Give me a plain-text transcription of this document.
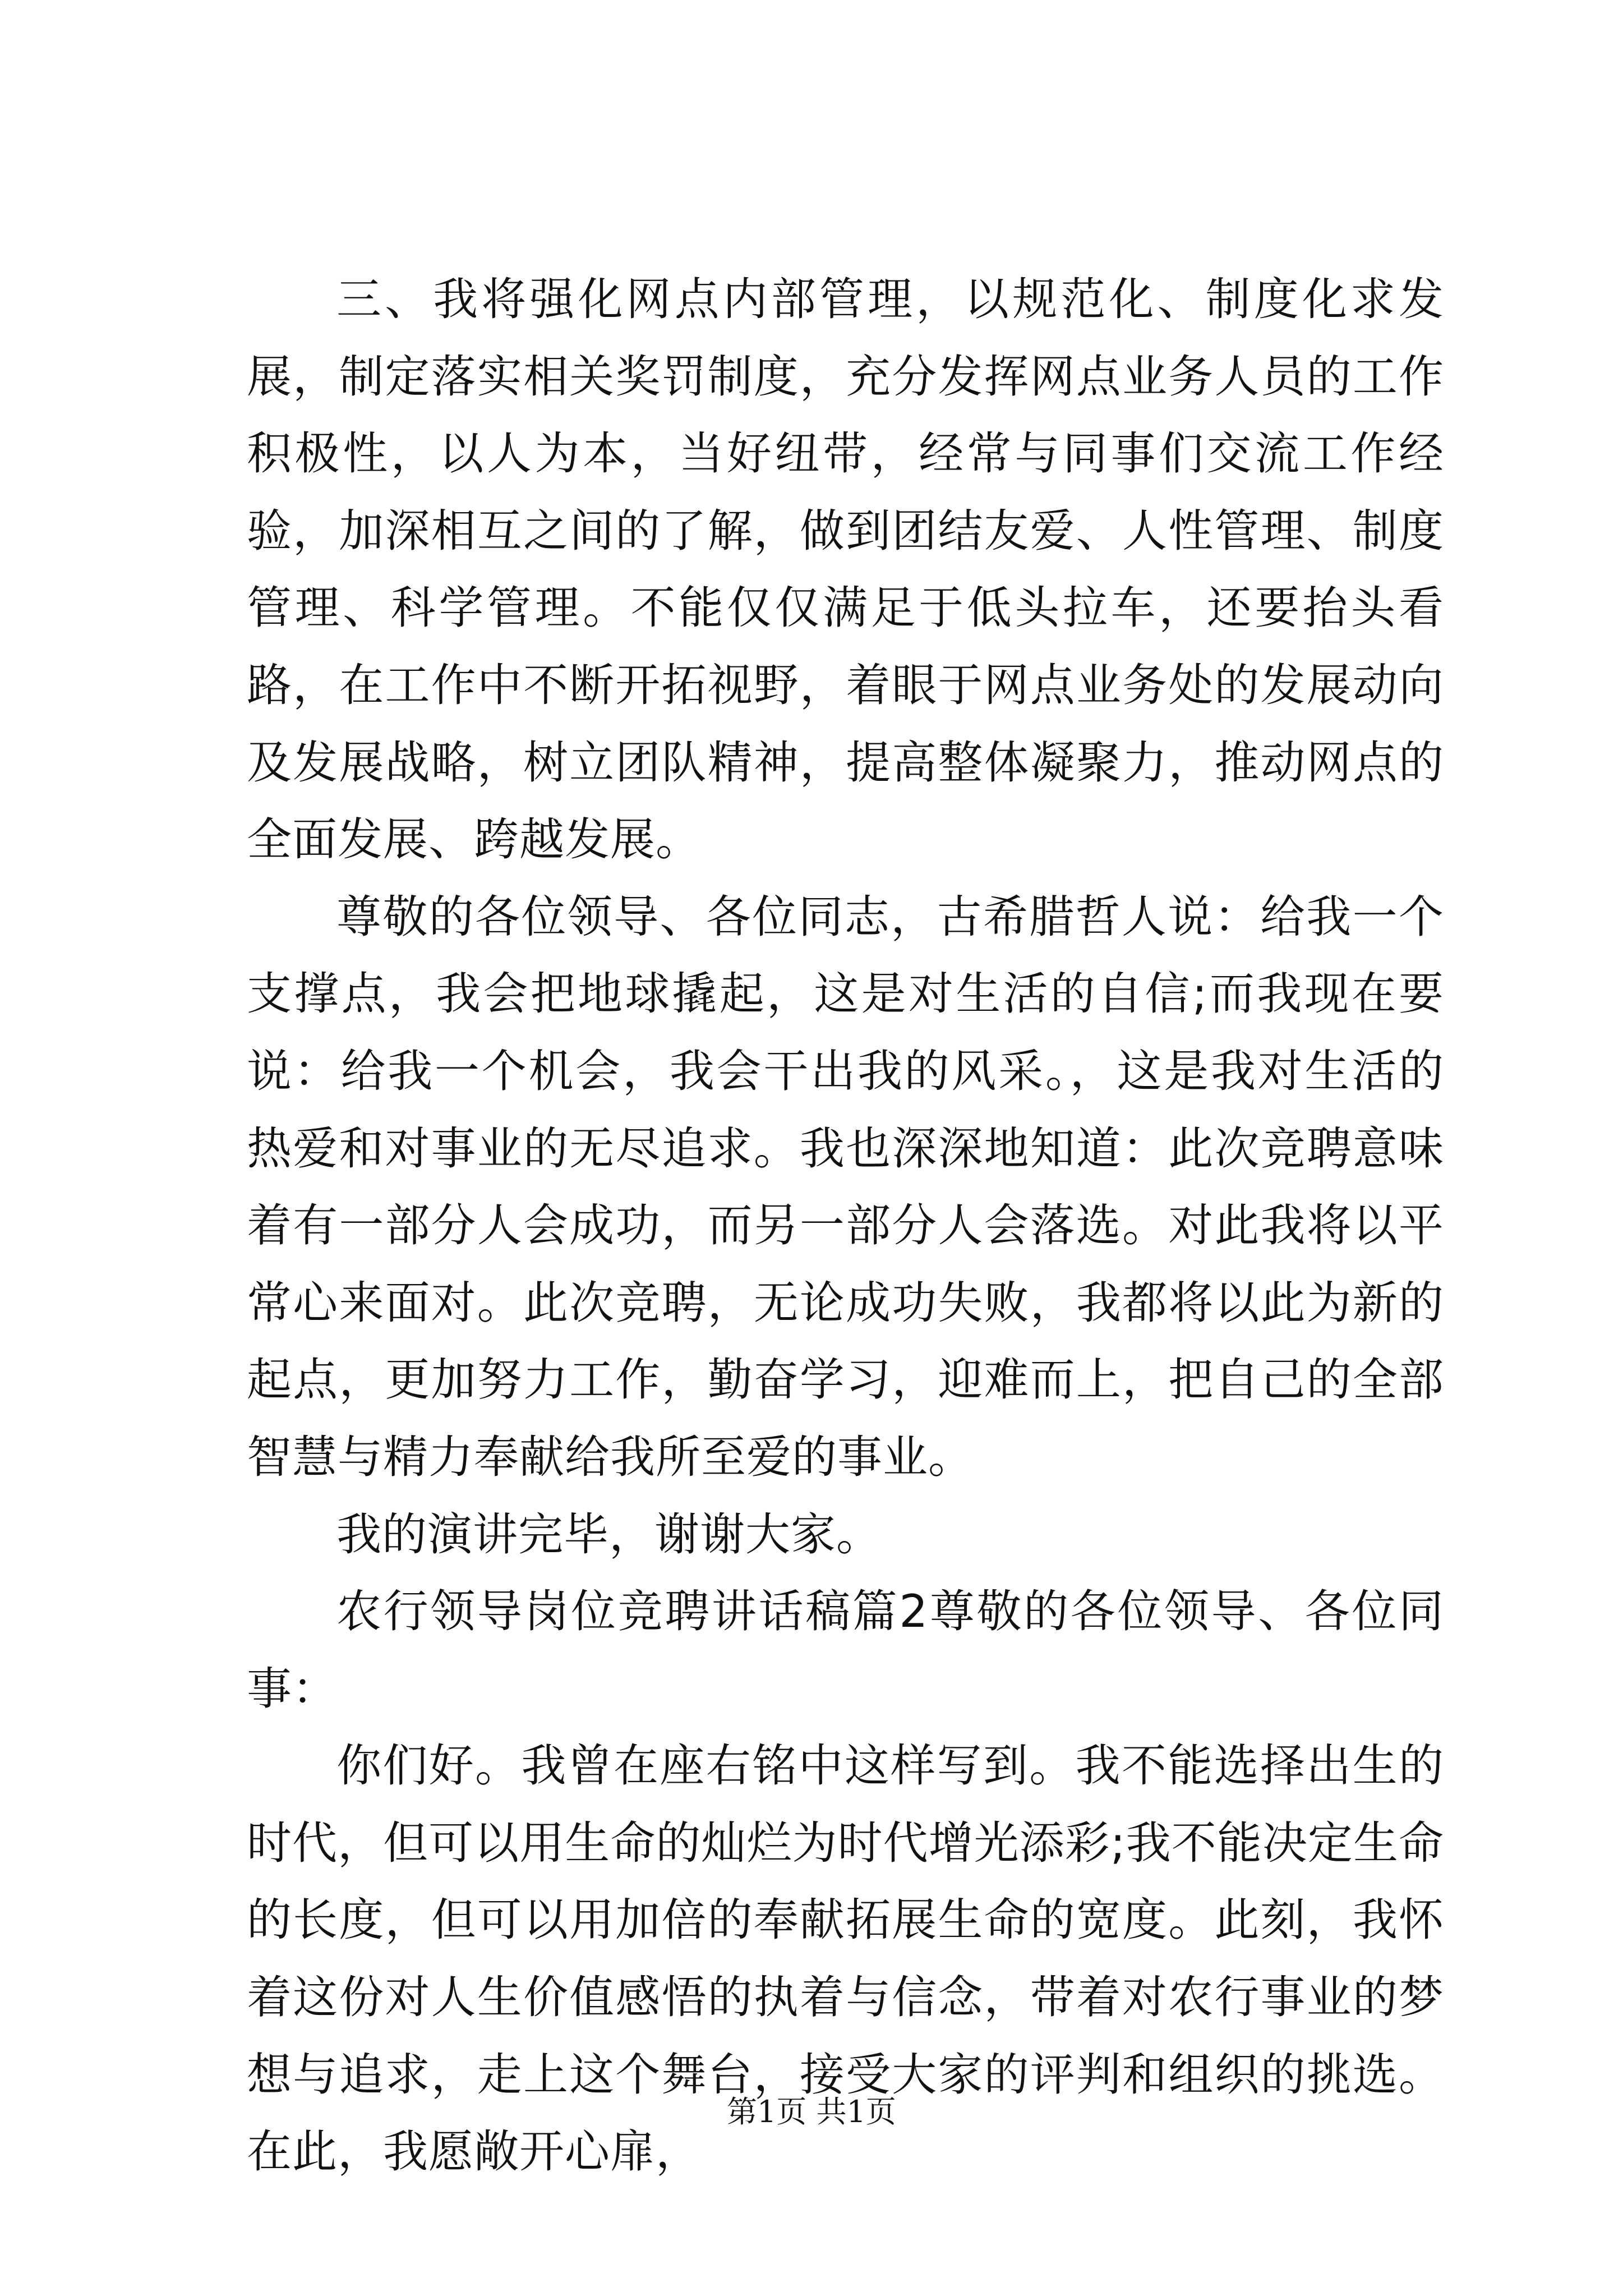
三、我将强化网点内部管理，以规范化、制度化求发展，制定落实相关奖罚制度，充分发挥网点业务人员的工作积极性，以人为本，当好纽带，经常与同事们交流工作经验，加深相互之间的了解，做到团结友爱、人性管理、制度管理、科学管理。不能仅仅满足于低头拉车，还要抬头看路，在工作中不断开拓视野，着眼于网点业务处的发展动向及发展战略，树立团队精神，提高整体凝聚力，推动网点的全面发展、跨越发展。

尊敬的各位领导、各位同志，古希腊哲人说：给我一个支撑点，我会把地球撬起，这是对生活的自信;而我现在要说：给我一个机会，我会干出我的风采。，这是我对生活的热爱和对事业的无尽追求。我也深深地知道：此次竞聘意味着有一部分人会成功，而另一部分人会落选。对此我将以平常心来面对。此次竞聘，无论成功失败，我都将以此为新的起点，更加努力工作，勤奋学习，迎难而上，把自己的全部智慧与精力奉献给我所至爱的事业。

我的演讲完毕，谢谢大家。

农行领导岗位竞聘讲话稿篇2尊敬的各位领导、各位同事：

你们好。我曾在座右铭中这样写到。我不能选择出生的时代，但可以用生命的灿烂为时代增光添彩;我不能决定生命的长度，但可以用加倍的奉献拓展生命的宽度。此刻，我怀着这份对人生价值感悟的执着与信念，带着对农行事业的梦想与追求，走上这个舞台，接受大家的评判和组织的挑选。在此，我愿敞开心扉，

第1页 共1页
